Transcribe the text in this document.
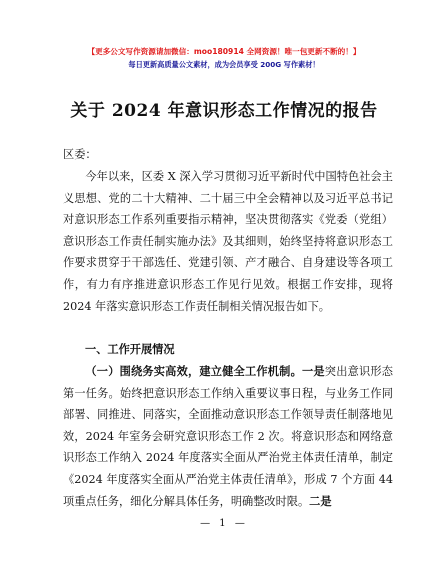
【更多公文写作资源请加微信：moo180914 全网资源！唯一包更新不断的！】
每日更新高质量公文素材，成为会员享受 200G 写作素材！
关于 2024 年意识形态工作情况的报告
区委：
今年以来，区委 X 深入学习贯彻习近平新时代中国特色社会主义思想、党的二十大精神、二十届三中全会精神以及习近平总书记对意识形态工作系列重要指示精神，坚决贯彻落实《党委（党组）意识形态工作责任制实施办法》及其细则，始终坚持将意识形态工作要求贯穿于干部选任、党建引领、产才融合、自身建设等各项工作，有力有序推进意识形态工作见行见效。根据工作安排，现将 2024 年落实意识形态工作责任制相关情况报告如下。
一、工作开展情况
（一）围绕务实高效，建立健全工作机制。一是突出意识形态第一任务。始终把意识形态工作纳入重要议事日程，与业务工作同部署、同推进、同落实，全面推动意识形态工作领导责任制落地见效，2024 年室务会研究意识形态工作 2 次。将意识形态和网络意识形态工作纳入 2024 年度落实全面从严治党主体责任清单，制定《2024 年度落实全面从严治党主体责任清单》，形成 7 个方面 44 项重点任务，细化分解具体任务，明确整改时限。二是
— 1 —
